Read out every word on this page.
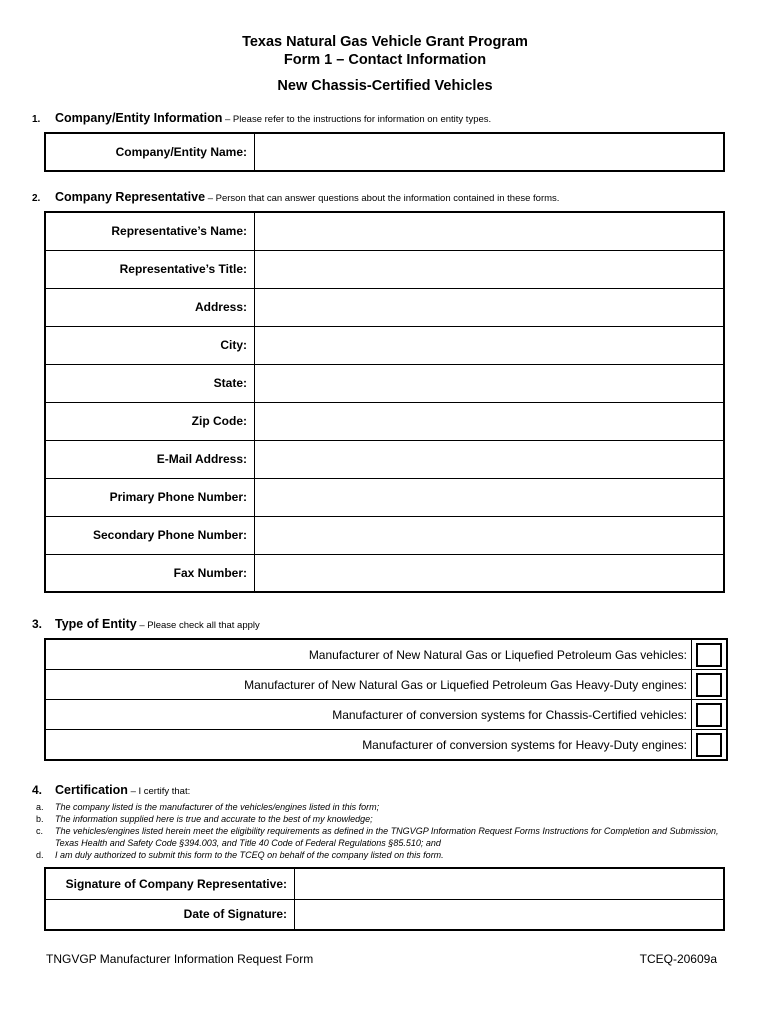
Texas Natural Gas Vehicle Grant Program
Form 1 – Contact Information
New Chassis-Certified Vehicles
1. Company/Entity Information – Please refer to the instructions for information on entity types.
Company/Entity Name:	
2. Company Representative – Person that can answer questions about the information contained in these forms.
Representative’s Name:	
Representative’s Title:	
Address:	
City:	
State:	
Zip Code:	
E-Mail Address:	
Primary Phone Number:	
Secondary Phone Number:	
Fax Number:	
3. Type of Entity – Please check all that apply
Manufacturer of New Natural Gas or Liquefied Petroleum Gas vehicles:	

Manufacturer of New Natural Gas or Liquefied Petroleum Gas Heavy-Duty engines:	

Manufacturer of conversion systems for Chassis-Certified vehicles:	

Manufacturer of conversion systems for Heavy-Duty engines:	
4. Certification – I certify that:
a.	The company listed is the manufacturer of the vehicles/engines listed in this form;
b.	The information supplied here is true and accurate to the best of my knowledge;
c.	The vehicles/engines listed herein meet the eligibility requirements as defined in the TNGVGP Information Request Forms Instructions for Completion and Submission, Texas Health and Safety Code §394.003, and Title 40 Code of Federal Regulations §85.510; and
d.	I am duly authorized to submit this form to the TCEQ on behalf of the company listed on this form.
Signature of Company Representative:	
Date of Signature:	
TNGVGP Manufacturer Information Request Form	TCEQ-20609a
